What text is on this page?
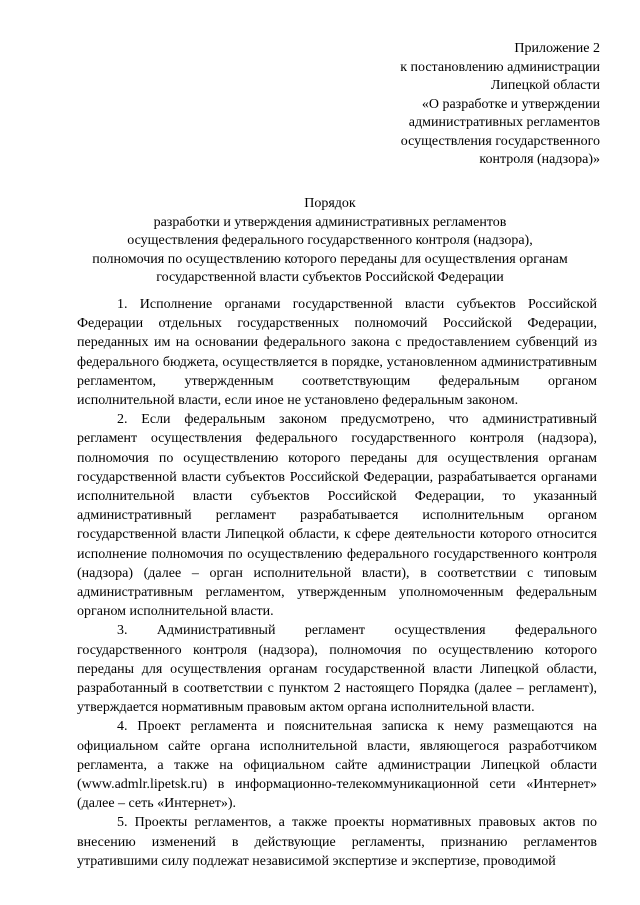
Приложение 2
к постановлению администрации
Липецкой области
«О разработке и утверждении
административных регламентов
осуществления государственного
контроля (надзора)»
Порядок
разработки и утверждения административных регламентов
осуществления федерального государственного контроля (надзора),
полномочия по осуществлению которого переданы для осуществления органам
государственной власти субъектов Российской Федерации

1. Исполнение органами государственной власти субъектов Российской Федерации отдельных государственных полномочий Российской Федерации, переданных им на основании федерального закона с предоставлением субвенций из федерального бюджета, осуществляется в порядке, установленном административным регламентом, утвержденным соответствующим федеральным органом исполнительной власти, если иное не установлено федеральным законом.

2. Если федеральным законом предусмотрено, что административный регламент осуществления федерального государственного контроля (надзора), полномочия по осуществлению которого переданы для осуществления органам государственной власти субъектов Российской Федерации, разрабатывается органами исполнительной власти субъектов Российской Федерации, то указанный административный регламент разрабатывается исполнительным органом государственной власти Липецкой области, к сфере деятельности которого относится исполнение полномочия по осуществлению федерального государственного контроля (надзора) (далее – орган исполнительной власти), в соответствии с типовым административным регламентом, утвержденным уполномоченным федеральным органом исполнительной власти.

3. Административный регламент осуществления федерального государственного контроля (надзора), полномочия по осуществлению которого переданы для осуществления органам государственной власти Липецкой области, разработанный в соответствии с пунктом 2 настоящего Порядка (далее – регламент), утверждается нормативным правовым актом органа исполнительной власти.

4. Проект регламента и пояснительная записка к нему размещаются на официальном сайте органа исполнительной власти, являющегося разработчиком регламента, а также на официальном сайте администрации Липецкой области (www.admlr.lipetsk.ru) в информационно-телекоммуникационной сети «Интернет» (далее – сеть «Интернет»).

5. Проекты регламентов, а также проекты нормативных правовых актов по внесению изменений в действующие регламенты, признанию регламентов утратившими силу подлежат независимой экспертизе и экспертизе, проводимой
